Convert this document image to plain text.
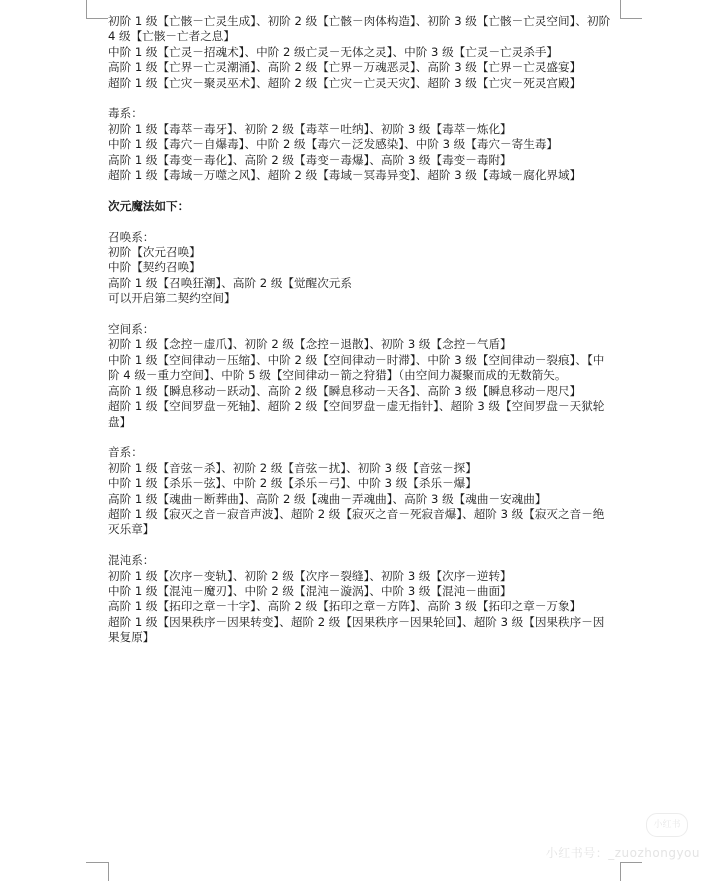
初阶 1 级【亡骸－亡灵生成】、初阶 2 级【亡骸－肉体构造】、初阶 3 级【亡骸－亡灵空间】、初阶 4 级【亡骸－亡者之息】

中阶 1 级【亡灵－招魂术】、中阶 2 级亡灵－无体之灵】、中阶 3 级【亡灵－亡灵杀手】

高阶 1 级【亡界－亡灵潮涌】、高阶 2 级【亡界－万魂恶灵】、高阶 3 级【亡界－亡灵盛宴】

超阶 1 级【亡灾－聚灵巫术】、超阶 2 级【亡灾－亡灵天灾】、超阶 3 级【亡灾－死灵宫殿】

毒系：

初阶 1 级【毒萃－毒牙】、初阶 2 级【毒萃－吐纳】、初阶 3 级【毒萃－炼化】

中阶 1 级【毒穴－自爆毒】、中阶 2 级【毒穴－泛发感染】、中阶 3 级【毒穴－寄生毒】

高阶 1 级【毒变－毒化】、高阶 2 级【毒变－毒爆】、高阶 3 级【毒变－毒附】

超阶 1 级【毒域－万噬之风】、超阶 2 级【毒域－冥毒异变】、超阶 3 级【毒域－腐化界域】

次元魔法如下：

召唤系：

初阶【次元召唤】

中阶【契约召唤】

高阶 1 级【召唤狂潮】、高阶 2 级【觉醒次元系

可以开启第二契约空间】

空间系：

初阶 1 级【念控－虚爪】、初阶 2 级【念控－退散】、初阶 3 级【念控－气盾】

中阶 1 级【空间律动－压缩】、中阶 2 级【空间律动－时滞】、中阶 3 级【空间律动－裂痕】、【中阶 4 级－重力空间】、中阶 5 级【空间律动－箭之狩猎】（由空间力凝聚而成的无数箭矢。

高阶 1 级【瞬息移动－跃动】、高阶 2 级【瞬息移动－天各】、高阶 3 级【瞬息移动－咫尺】

超阶 1 级【空间罗盘－死轴】、超阶 2 级【空间罗盘－虚无指针】、超阶 3 级【空间罗盘－天狱轮盘】

音系：

初阶 1 级【音弦－杀】、初阶 2 级【音弦－扰】、初阶 3 级【音弦－探】

中阶 1 级【杀乐－弦】、中阶 2 级【杀乐－弓】、中阶 3 级【杀乐－爆】

高阶 1 级【魂曲－断葬曲】、高阶 2 级【魂曲－弄魂曲】、高阶 3 级【魂曲－安魂曲】

超阶 1 级【寂灭之音－寂音声波】、超阶 2 级【寂灭之音－死寂音爆】、超阶 3 级【寂灭之音－绝灭乐章】

混沌系：

初阶 1 级【次序－变轨】、初阶 2 级【次序－裂缝】、初阶 3 级【次序－逆转】

中阶 1 级【混沌－魔刃】、中阶 2 级【混沌－漩涡】、中阶 3 级【混沌－曲面】

高阶 1 级【拓印之章－十字】、高阶 2 级【拓印之章－方阵】、高阶 3 级【拓印之章－万象】

超阶 1 级【因果秩序－因果转变】、超阶 2 级【因果秩序－因果轮回】、超阶 3 级【因果秩序－因果复原】

小红书
小红书号：_zuozhongyou
